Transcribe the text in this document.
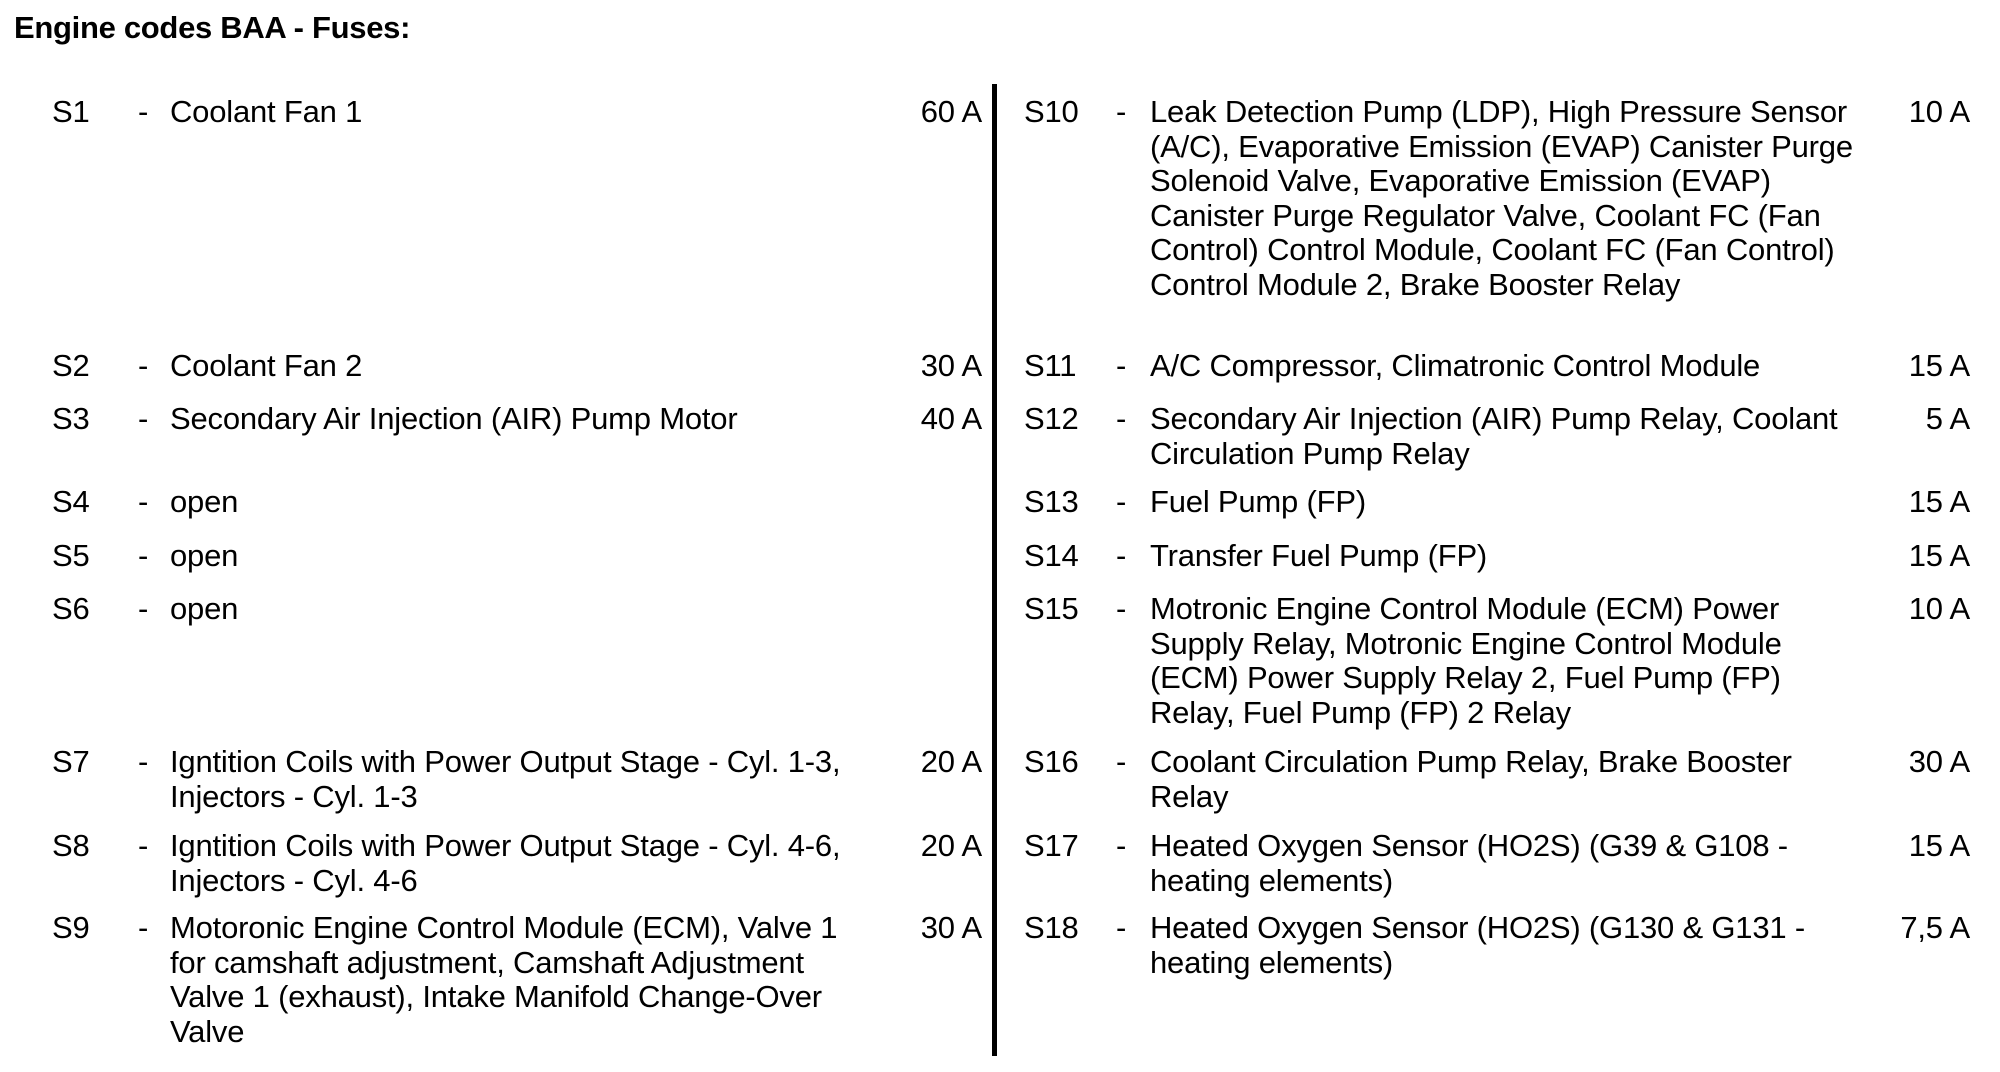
Engine codes BAA - Fuses:
S1 - Coolant Fan 1	60 A
S2 - Coolant Fan 2	30 A
S3 - Secondary Air Injection (AIR) Pump Motor	40 A
S4 - open
S5 - open
S6 - open
S7 - Igntition Coils with Power Output Stage - Cyl. 1-3, Injectors - Cyl. 1-3
20 A
S8 - Igntition Coils with Power Output Stage - Cyl. 4-6, Injectors - Cyl. 4-6
20 A
S9 - Motoronic Engine Control Module (ECM), Valve 1 for camshaft adjustment, Camshaft Adjustment Valve 1 (exhaust), Intake Manifold Change-Over Valve
30 A
S10 - Leak Detection Pump (LDP), High Pressure Sensor (A/C), Evaporative Emission (EVAP) Canister Purge Solenoid Valve, Evaporative Emission (EVAP) Canister Purge Regulator Valve, Coolant FC (Fan Control) Control Module, Coolant FC (Fan Control) Control Module 2, Brake Booster Relay
10 A
S11 - A/C Compressor, Climatronic Control Module	15 A
S12 - Secondary Air Injection (AIR) Pump Relay, Coolant Circulation Pump Relay
5 A
S13 - Fuel Pump (FP)	15 A
S14 - Transfer Fuel Pump (FP)	15 A
S15 - Motronic Engine Control Module (ECM) Power Supply Relay, Motronic Engine Control Module (ECM) Power Supply Relay 2, Fuel Pump (FP) Relay, Fuel Pump (FP) 2 Relay
10 A
S16 - Coolant Circulation Pump Relay, Brake Booster Relay
30 A
S17 - Heated Oxygen Sensor (HO2S) (G39 & G108 - heating elements)
15 A
S18 - Heated Oxygen Sensor (HO2S) (G130 & G131 - heating elements)
7,5 A
